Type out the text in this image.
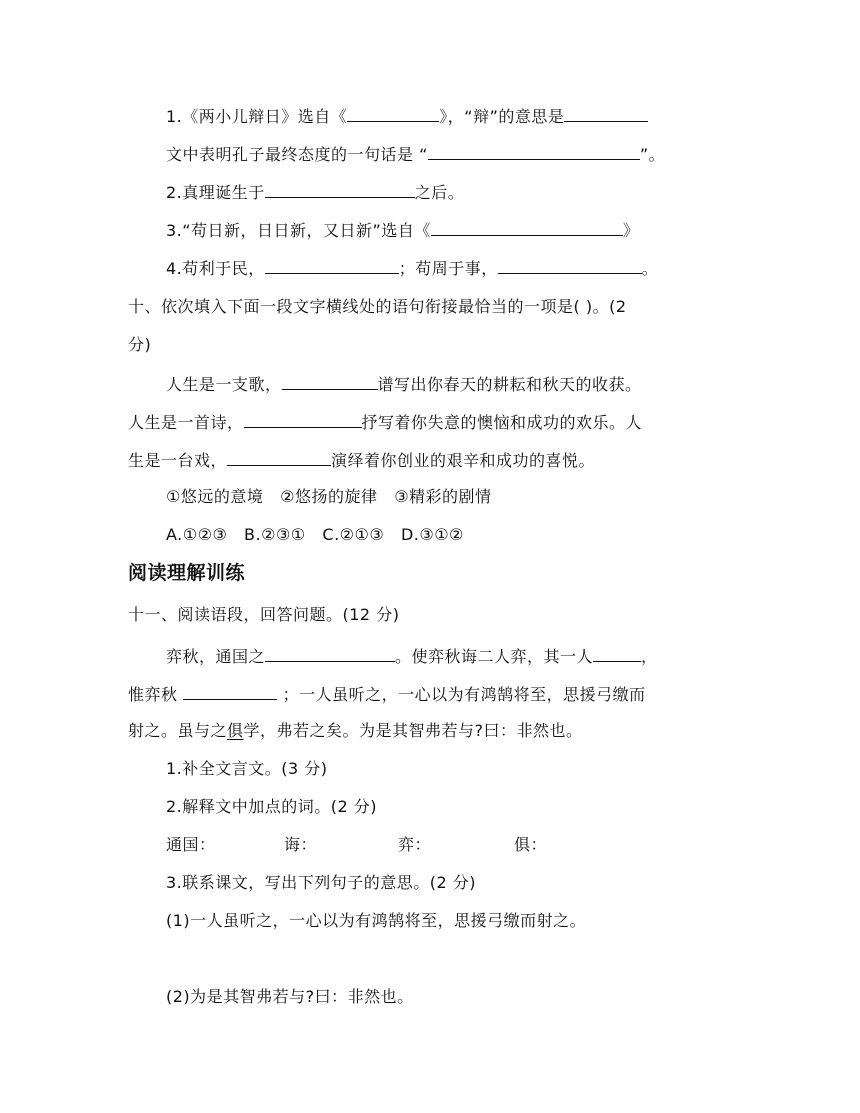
1.《两小儿辩日》选自《	》，“辩”的意思是
文中表明孔子最终态度的一句话是 “	”。
2.真理诞生于	之后。
3.“苟日新，日日新，又日新”选自《	》
4.苟利于民，	；苟周于事，	。
十、依次填入下面一段文字横线处的语句衔接最恰当的一项是( )。(2
分)
人生是一支歌，	谱写出你春天的耕耘和秋天的收获。
人生是一首诗，	抒写着你失意的懊恼和成功的欢乐。人
生是一台戏，	演绎着你创业的艰辛和成功的喜悦。
①悠远的意境   ②悠扬的旋律   ③精彩的剧情
A.①②③   B.②③①   C.②①③   D.③①②
阅读理解训练
十一、阅读语段，回答问题。(12 分)
弈秋，通国之	。使弈秋诲二人弈，其一人	，
惟弈秋	；一人虽听之，一心以为有鸿鹄将至，思援弓缴而
射之。虽与之俱学，弗若之矣。为是其智弗若与?曰：非然也。
1.补全文言文。(3 分)
2.解释文中加点的词。(2 分)
通国：	诲：	弈：	俱：
3.联系课文，写出下列句子的意思。(2 分)
(1)一人虽听之，一心以为有鸿鹄将至，思援弓缴而射之。
(2)为是其智弗若与?曰：非然也。
